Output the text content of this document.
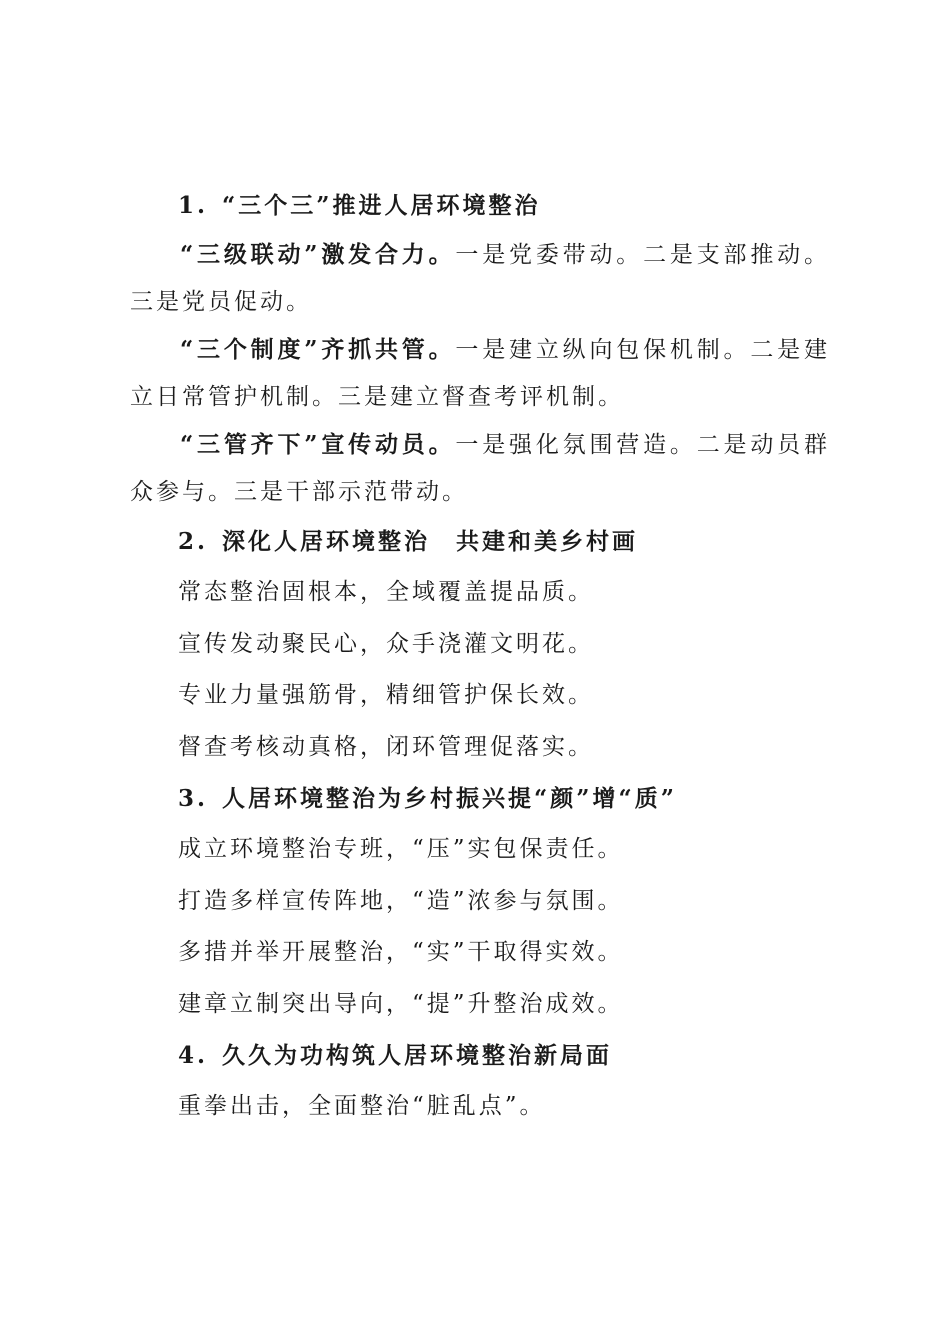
1. “三个三”推进人居环境整治

“三级联动”激发合力。一是党委带动。二是支部推动。三是党员促动。

“三个制度”齐抓共管。一是建立纵向包保机制。二是建立日常管护机制。三是建立督查考评机制。

“三管齐下”宣传动员。一是强化氛围营造。二是动员群众参与。三是干部示范带动。

2. 深化人居环境整治　共建和美乡村画
常态整治固根本，全域覆盖提品质。
宣传发动聚民心，众手浇灌文明花。
专业力量强筋骨，精细管护保长效。
督查考核动真格，闭环管理促落实。
3. 人居环境整治为乡村振兴提“颜”增“质”
成立环境整治专班，“压”实包保责任。
打造多样宣传阵地，“造”浓参与氛围。
多措并举开展整治，“实”干取得实效。
建章立制突出导向，“提”升整治成效。
4. 久久为功构筑人居环境整治新局面
重拳出击，全面整治“脏乱点”。
